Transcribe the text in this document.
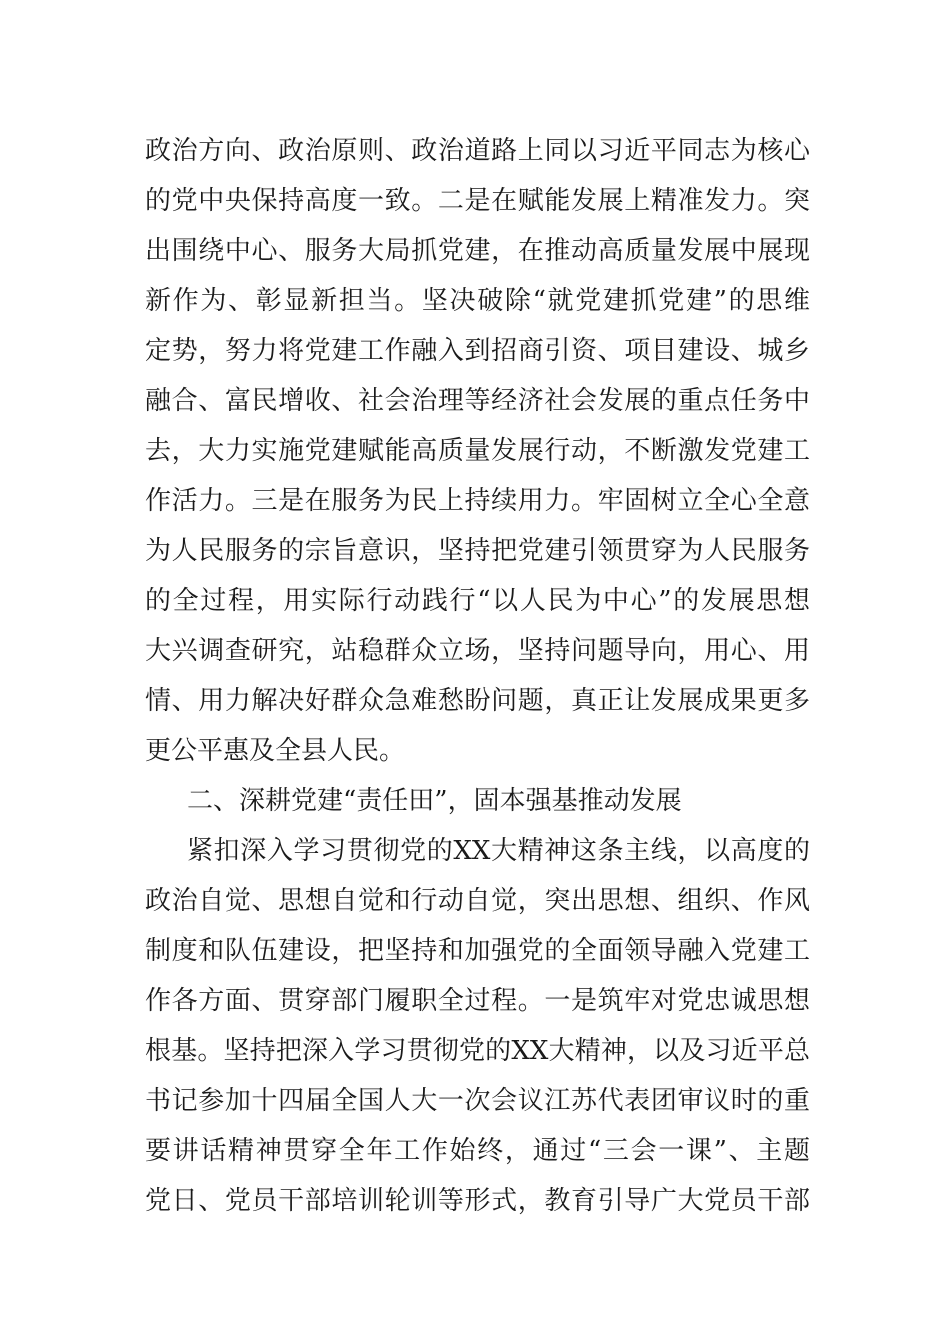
政治方向、政治原则、政治道路上同以习近平同志为核心
的党中央保持高度一致。二是在赋能发展上精准发力。突
出围绕中心、服务大局抓党建，在推动高质量发展中展现
新作为、彰显新担当。坚决破除“就党建抓党建”的思维
定势，努力将党建工作融入到招商引资、项目建设、城乡
融合、富民增收、社会治理等经济社会发展的重点任务中
去，大力实施党建赋能高质量发展行动，不断激发党建工
作活力。三是在服务为民上持续用力。牢固树立全心全意
为人民服务的宗旨意识，坚持把党建引领贯穿为人民服务
的全过程，用实际行动践行“以人民为中心”的发展思想
大兴调查研究，站稳群众立场，坚持问题导向，用心、用
情、用力解决好群众急难愁盼问题，真正让发展成果更多
更公平惠及全县人民。
二、深耕党建“责任田”，固本强基推动发展
紧扣深入学习贯彻党的XX大精神这条主线，以高度的
政治自觉、思想自觉和行动自觉，突出思想、组织、作风
制度和队伍建设，把坚持和加强党的全面领导融入党建工
作各方面、贯穿部门履职全过程。一是筑牢对党忠诚思想
根基。坚持把深入学习贯彻党的XX大精神，以及习近平总
书记参加十四届全国人大一次会议江苏代表团审议时的重
要讲话精神贯穿全年工作始终，通过“三会一课”、主题
党日、党员干部培训轮训等形式，教育引导广大党员干部
